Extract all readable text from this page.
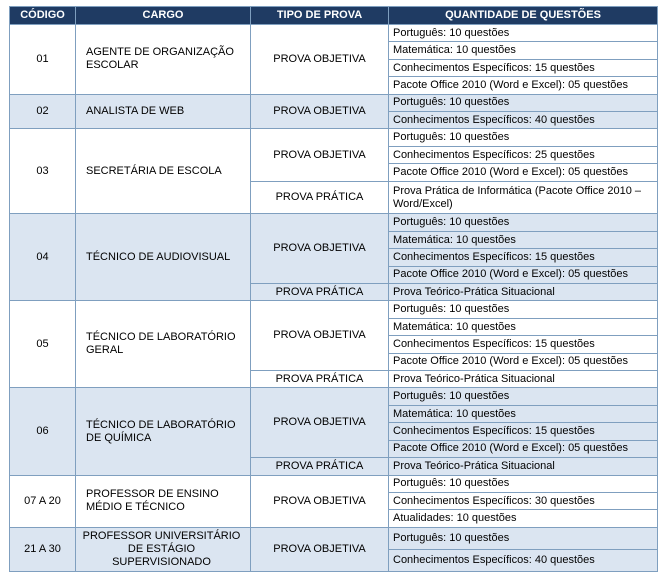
CÓDIGO	CARGO	TIPO DE PROVA	QUANTIDADE DE QUESTÕES
01	AGENTE DE ORGANIZAÇÃO ESCOLAR	PROVA OBJETIVA	Português: 10 questões
			Matemática: 10 questões
			Conhecimentos Específicos: 15 questões
			Pacote Office 2010 (Word e Excel): 05 questões
02	ANALISTA DE WEB	PROVA OBJETIVA	Português: 10 questões
			Conhecimentos Específicos: 40 questões
03	SECRETÁRIA DE ESCOLA	PROVA OBJETIVA	Português: 10 questões
			Conhecimentos Específicos: 25 questões
			Pacote Office 2010 (Word e Excel): 05 questões
		PROVA PRÁTICA	Prova Prática de Informática (Pacote Office 2010 – Word/Excel)
04	TÉCNICO DE AUDIOVISUAL	PROVA OBJETIVA	Português: 10 questões
			Matemática: 10 questões
			Conhecimentos Específicos: 15 questões
			Pacote Office 2010 (Word e Excel): 05 questões
		PROVA PRÁTICA	Prova Teórico-Prática Situacional
05	TÉCNICO DE LABORATÓRIO GERAL	PROVA OBJETIVA	Português: 10 questões
			Matemática: 10 questões
			Conhecimentos Específicos: 15 questões
			Pacote Office 2010 (Word e Excel): 05 questões
		PROVA PRÁTICA	Prova Teórico-Prática Situacional
06	TÉCNICO DE LABORATÓRIO DE QUÍMICA	PROVA OBJETIVA	Português: 10 questões
			Matemática: 10 questões
			Conhecimentos Específicos: 15 questões
			Pacote Office 2010 (Word e Excel): 05 questões
		PROVA PRÁTICA	Prova Teórico-Prática Situacional
07 A 20	PROFESSOR DE ENSINO MÉDIO E TÉCNICO	PROVA OBJETIVA	Português: 10 questões
			Conhecimentos Específicos: 30 questões
			Atualidades: 10 questões
21 A 30	PROFESSOR UNIVERSITÁRIO DE ESTÁGIO SUPERVISIONADO	PROVA OBJETIVA	Português: 10 questões
			Conhecimentos Específicos: 40 questões
